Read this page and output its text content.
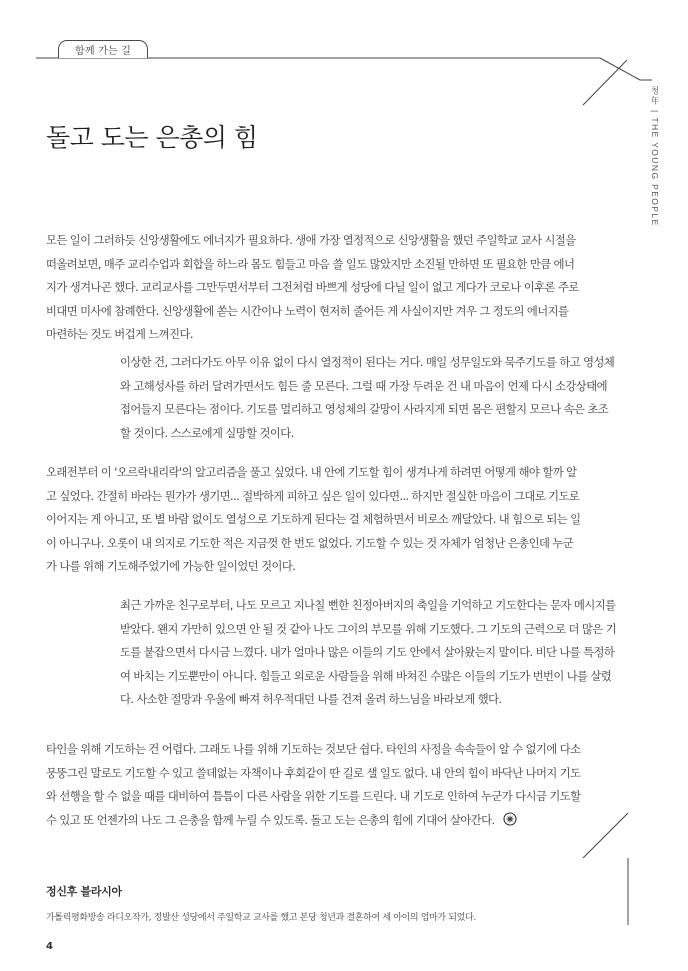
함께 가는 길
청年|THE YOUNG PEOPLE
돌고 도는 은총의 힘

모든 일이 그러하듯 신앙생활에도 에너지가 필요하다. 생애 가장 열정적으로 신앙생활을 했던 주일학교 교사 시절을 떠올려보면, 매주 교리수업과 회합을 하느라 몸도 힘들고 마음 쓸 일도 많았지만 소진될 만하면 또 필요한 만큼 에너지가 생겨나곤 했다. 교리교사를 그만두면서부터 그전처럼 바쁘게 성당에 다닐 일이 없고 게다가 코로나 이후론 주로 비대면 미사에 참례한다. 신앙생활에 쏟는 시간이나 노력이 현저히 줄어든 게 사실이지만 겨우 그 정도의 에너지를 마련하는 것도 버겁게 느껴진다.

이상한 건, 그러다가도 아무 이유 없이 다시 열정적이 된다는 거다. 매일 성무일도와 묵주기도를 하고 영성체와 고해성사를 하러 달려가면서도 힘든 줄 모른다. 그럴 때 가장 두려운 건 내 마음이 언제 다시 소강상태에 접어들지 모른다는 점이다. 기도를 멀리하고 영성체의 갈망이 사라지게 되면 몸은 편할지 모르나 속은 초조할 것이다. 스스로에게 실망할 것이다.

오래전부터 이 '오르락내리락'의 알고리즘을 풀고 싶었다. 내 안에 기도할 힘이 생겨나게 하려면 어떻게 해야 할까 알고 싶었다. 간절히 바라는 뭔가가 생기면... 절박하게 피하고 싶은 일이 있다면... 하지만 절실한 마음이 그대로 기도로 이어지는 게 아니고, 또 별 바람 없이도 열성으로 기도하게 된다는 걸 체험하면서 비로소 깨달았다. 내 힘으로 되는 일이 아니구나. 오롯이 내 의지로 기도한 적은 지금껏 한 번도 없었다. 기도할 수 있는 것 자체가 엄청난 은총인데 누군가 나를 위해 기도해주었기에 가능한 일이었던 것이다.

최근 가까운 친구로부터, 나도 모르고 지나칠 뻔한 친정아버지의 축일을 기억하고 기도한다는 문자 메시지를 받았다. 왠지 가만히 있으면 안 될 것 같아 나도 그이의 부모를 위해 기도했다. 그 기도의 근력으로 더 많은 기도를 붙잡으면서 다시금 느꼈다. 내가 얼마나 많은 이들의 기도 안에서 살아왔는지 말이다. 비단 나를 특정하여 바치는 기도뿐만이 아니다. 힘들고 외로운 사람들을 위해 바쳐진 수많은 이들의 기도가 번번이 나를 살렸다. 사소한 절망과 우울에 빠져 허우적대던 나를 건져 올려 하느님을 바라보게 했다.

타인을 위해 기도하는 건 어렵다. 그래도 나를 위해 기도하는 것보단 쉽다. 타인의 사정을 속속들이 알 수 없기에 다소 뭉뚱그린 말로도 기도할 수 있고 쓸데없는 자책이나 후회같이 딴 길로 샐 일도 없다. 내 안의 힘이 바닥난 나머지 기도와 선행을 할 수 없을 때를 대비하여 틈틈이 다른 사람을 위한 기도를 드린다. 내 기도로 인하여 누군가 다시금 기도할 수 있고 또 언젠가의 나도 그 은총을 함께 누릴 수 있도록. 돌고 도는 은총의 힘에 기대어 살아간다.

정신후 블라시아
가톨릭평화방송 라디오작가, 정발산 성당에서 주일학교 교사를 했고 본당 청년과 결혼하여 세 아이의 엄마가 되었다.
4
